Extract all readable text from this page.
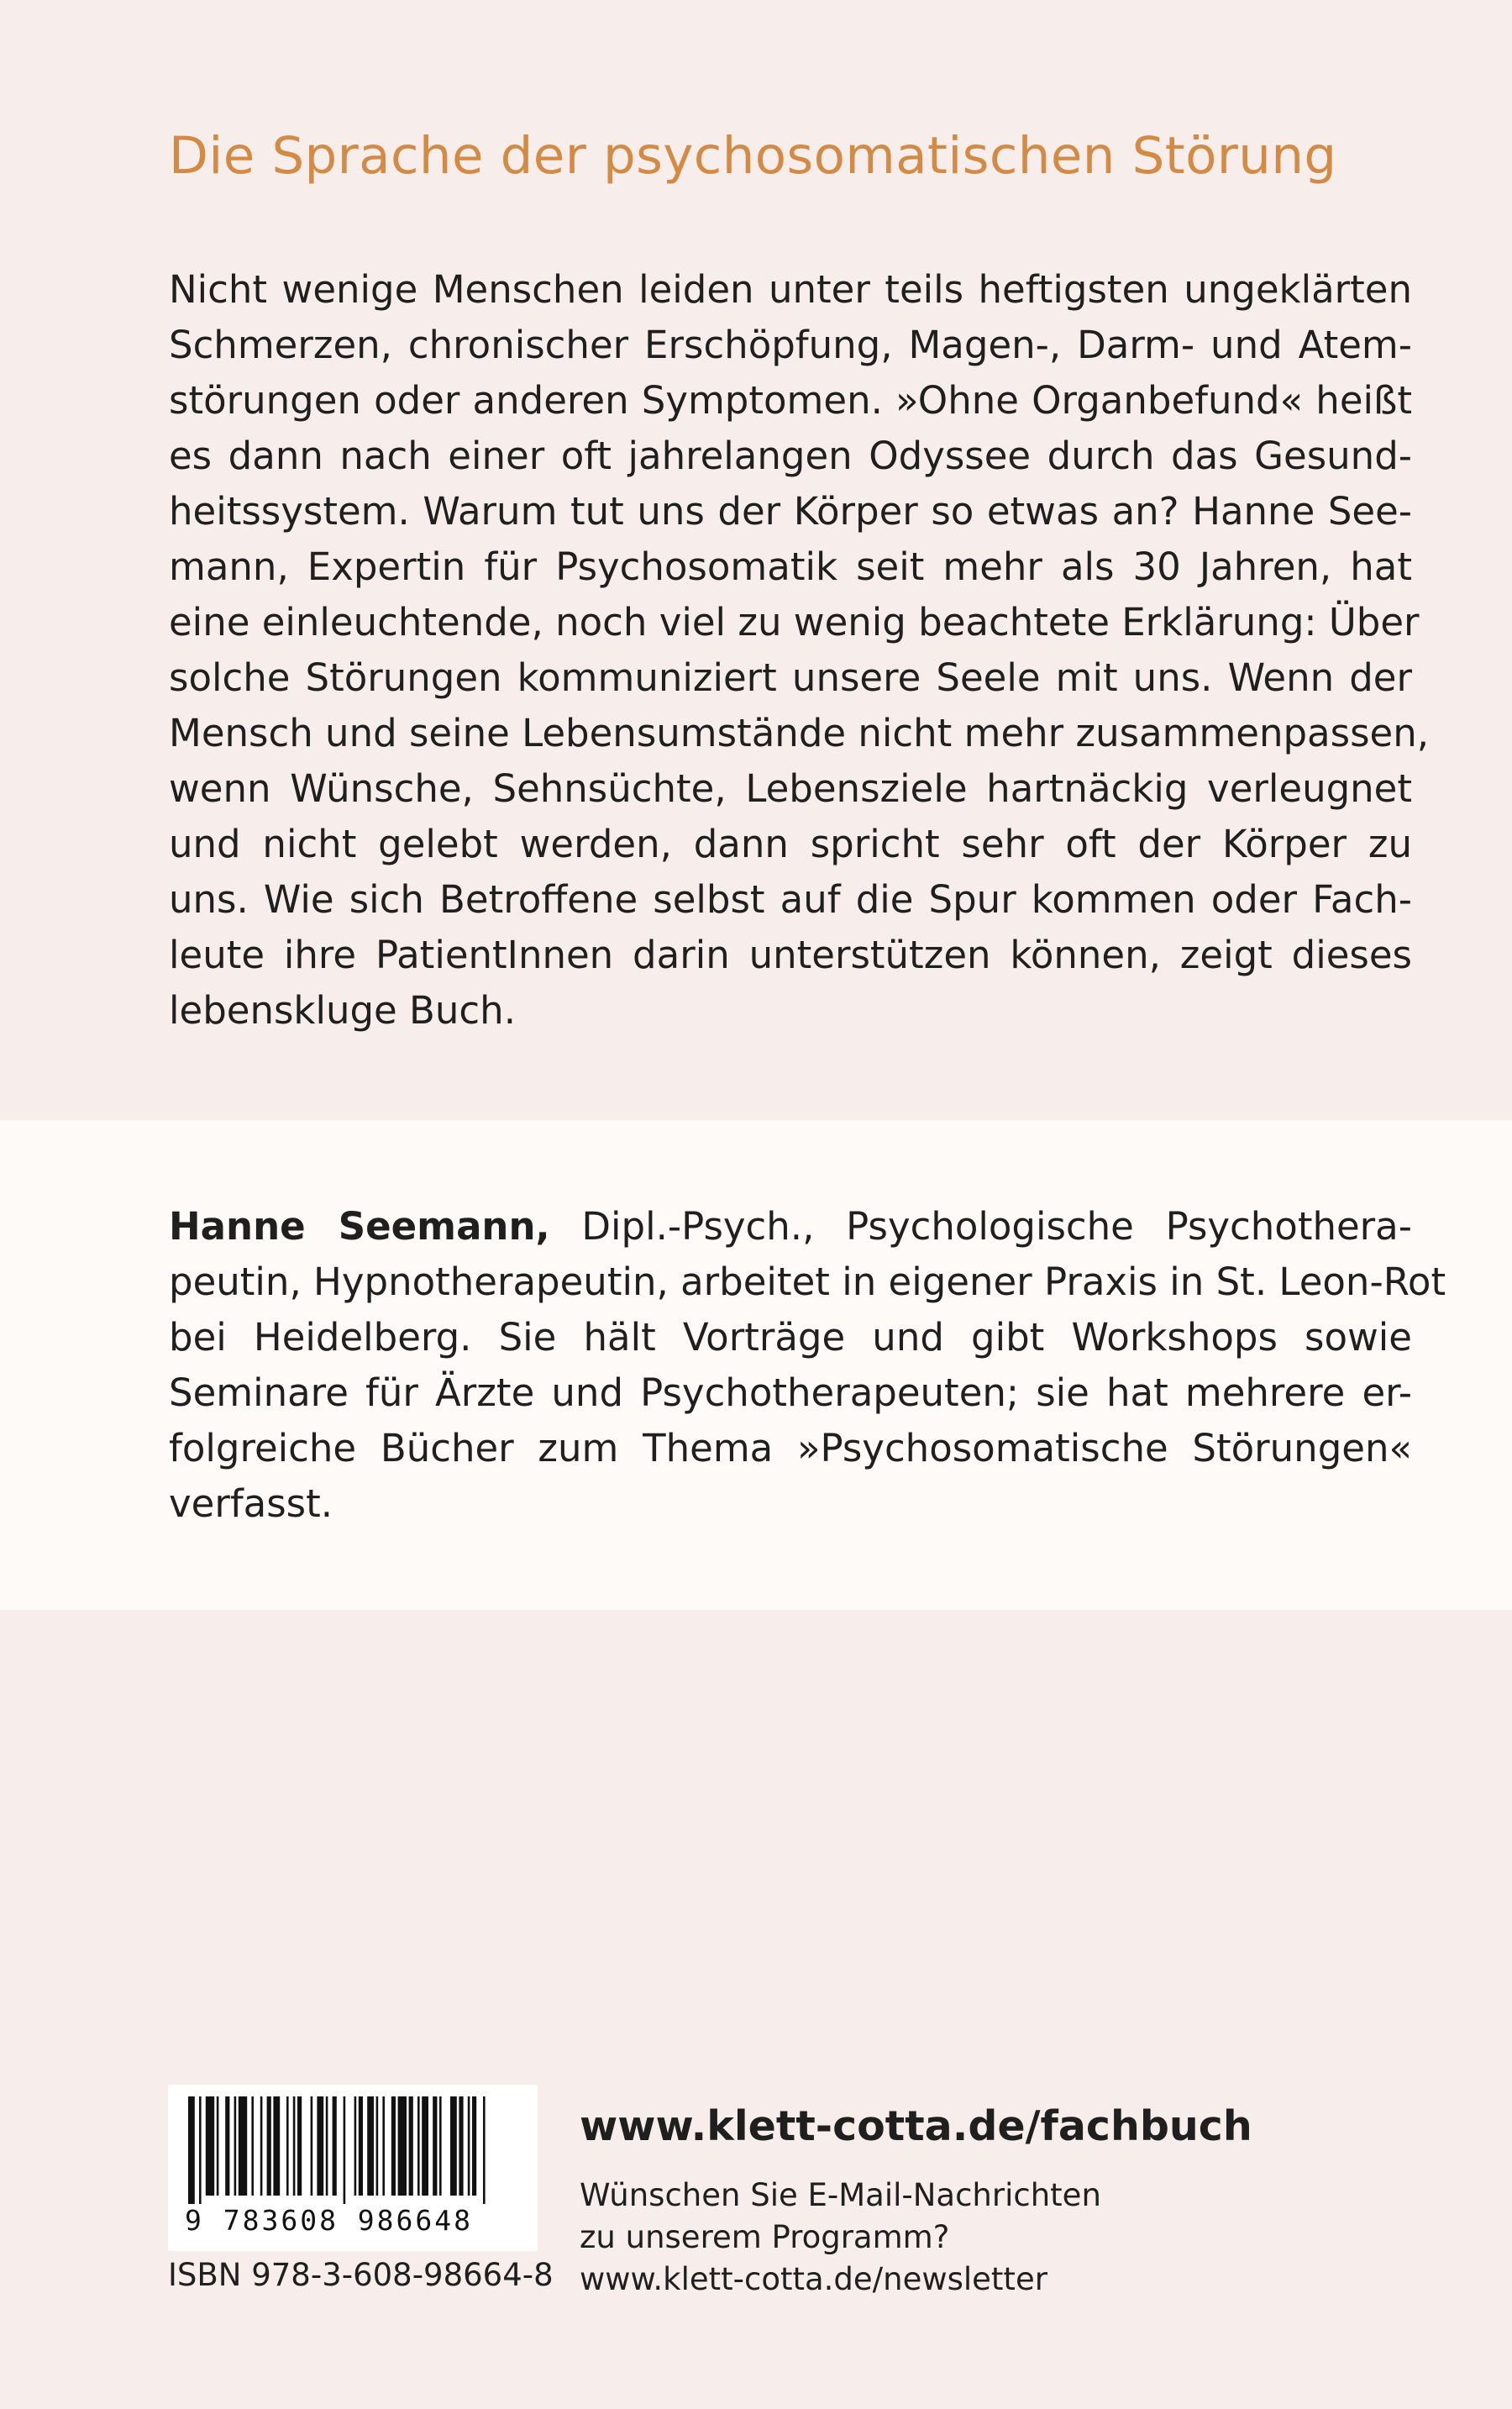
Die Sprache der psychosomatischen Störung
Nicht wenige Menschen leiden unter teils heftigsten ungeklärten
Schmerzen, chronischer Erschöpfung, Magen-, Darm- und Atem-
störungen oder anderen Symptomen. »Ohne Organbefund« heißt
es dann nach einer oft jahrelangen Odyssee durch das Gesund-
heitssystem. Warum tut uns der Körper so etwas an? Hanne See-
mann, Expertin für Psychosomatik seit mehr als 30 Jahren, hat
eine einleuchtende, noch viel zu wenig beachtete Erklärung: Über
solche Störungen kommuniziert unsere Seele mit uns. Wenn der
Mensch und seine Lebensumstände nicht mehr zusammenpassen,
wenn Wünsche, Sehnsüchte, Lebensziele hartnäckig verleugnet
und nicht gelebt werden, dann spricht sehr oft der Körper zu
uns. Wie sich Betroffene selbst auf die Spur kommen oder Fach-
leute ihre PatientInnen darin unterstützen können, zeigt dieses
lebenskluge Buch.
Hanne Seemann, Dipl.-Psych., Psychologische Psychothera-
peutin, Hypnotherapeutin, arbeitet in eigener Praxis in St. Leon-Rot
bei Heidelberg. Sie hält Vorträge und gibt Workshops sowie
Seminare für Ärzte und Psychotherapeuten; sie hat mehrere er-
folgreiche Bücher zum Thema »Psychosomatische Störungen«
verfasst.
9 783608 986648
ISBN 978-3-608-98664-8
www.klett-cotta.de/fachbuch
Wünschen Sie E-Mail-Nachrichten
zu unserem Programm?
www.klett-cotta.de/newsletter
